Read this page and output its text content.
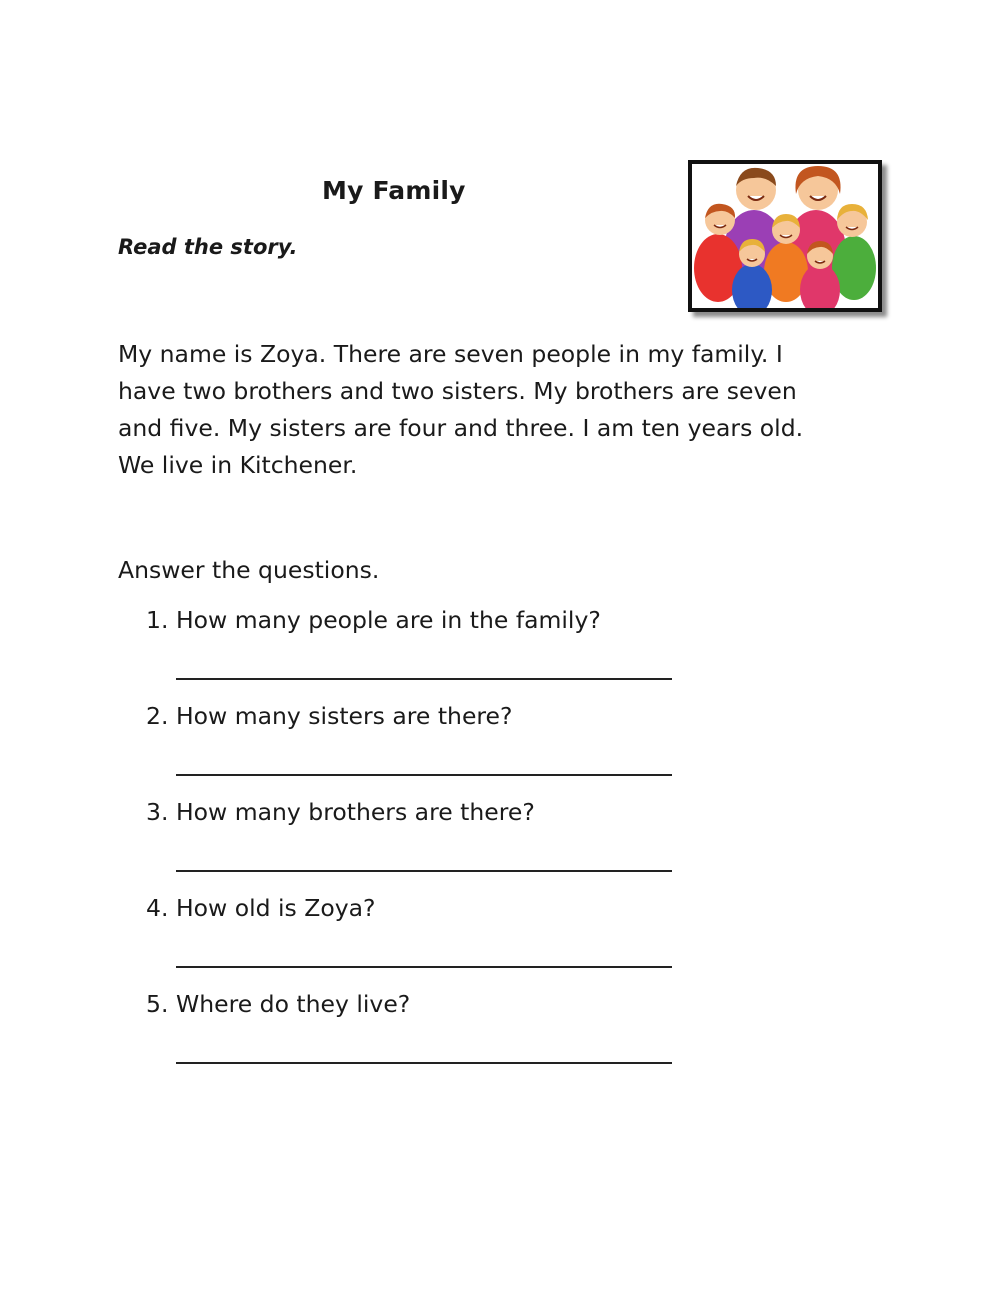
My Family
Read the story.
My name is Zoya. There are seven people in my family. I
have two brothers and two sisters. My brothers are seven
and five. My sisters are four and three. I am ten years old.
We live in Kitchener.
Answer the questions.
1. How many people are in the family?
2. How many sisters are there?
3. How many brothers are there?
4. How old is Zoya?
5. Where do they live?
